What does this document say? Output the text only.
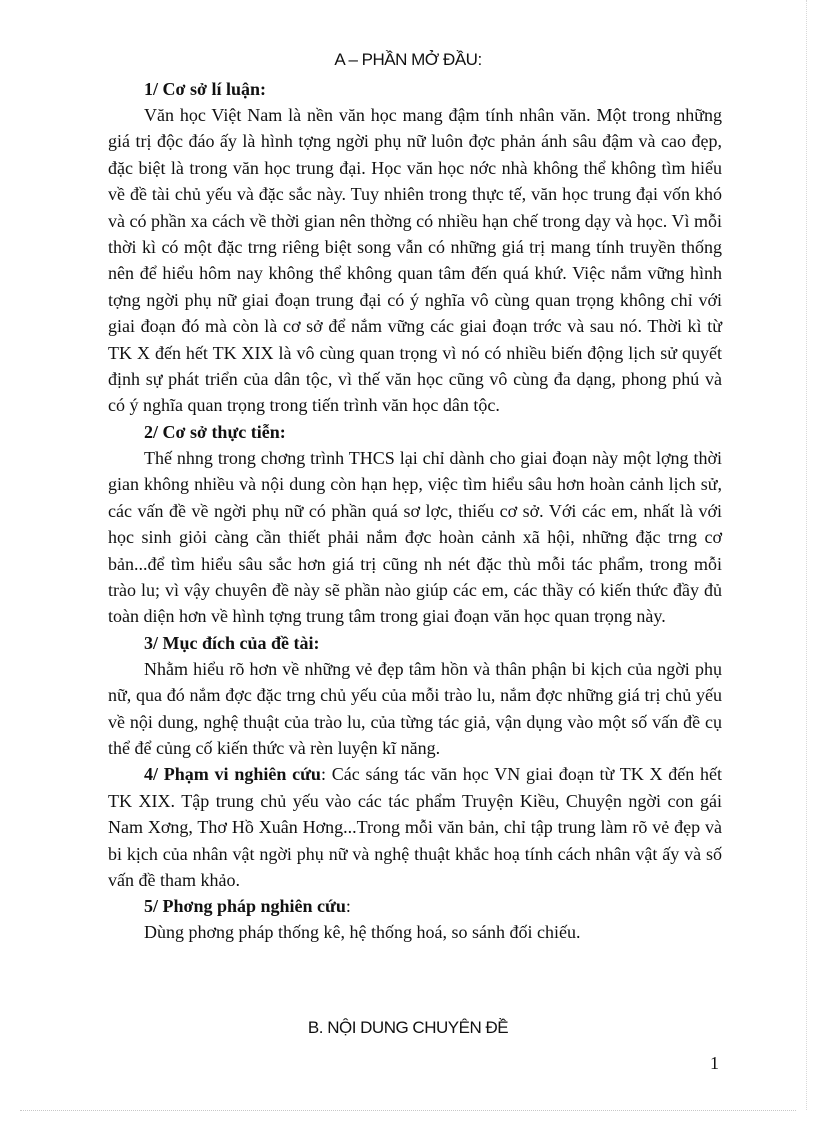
A – PHẦN MỞ ĐẦU:
1/ Cơ sở lí luận:
Văn học Việt Nam là nền văn học mang đậm tính nhân văn. Một trong những giá trị độc đáo ấy là hình tợng ngời phụ nữ luôn đợc phản ánh sâu đậm và cao đẹp, đặc biệt là trong văn học trung đại. Học văn học nớc nhà không thể không tìm hiểu về đề tài chủ yếu và đặc sắc này. Tuy nhiên trong thực tế, văn học trung đại vốn khó và có phần xa cách về thời gian nên thờng có nhiều hạn chế trong dạy và học. Vì mỗi thời kì có một đặc trng riêng biệt song vẫn có những giá trị mang tính truyền thống nên để hiểu hôm nay không thể không quan tâm đến quá khứ. Việc nắm vững hình tợng ngời phụ nữ giai đoạn trung đại có ý nghĩa vô cùng quan trọng không chỉ với giai đoạn đó mà còn là cơ sở để nắm vững các giai đoạn trớc và sau nó. Thời kì từ TK X đến hết TK XIX là vô cùng quan trọng vì nó có nhiều biến động lịch sử quyết định sự phát triển của dân tộc, vì thế văn học cũng vô cùng đa dạng, phong phú và có ý nghĩa quan trọng trong tiến trình văn học dân tộc.
2/ Cơ sở thực tiễn:
Thế nhng trong chơng trình THCS lại chỉ dành cho giai đoạn này một lợng thời gian không nhiều và nội dung còn hạn hẹp, việc tìm hiểu sâu hơn hoàn cảnh lịch sử, các vấn đề về ngời phụ nữ có phần quá sơ lợc, thiếu cơ sở. Với các em, nhất là với học sinh giỏi càng cần thiết phải nắm đợc hoàn cảnh xã hội, những đặc trng cơ bản...để tìm hiểu sâu sắc hơn giá trị cũng nh nét đặc thù mỗi tác phẩm, trong mỗi trào lu; vì vậy chuyên đề này sẽ phần nào giúp các em, các thầy có kiến thức đầy đủ toàn diện hơn về hình tợng trung tâm trong giai đoạn văn học quan trọng này.
3/ Mục đích của đề tài:
Nhằm hiểu rõ hơn về những vẻ đẹp tâm hồn và thân phận bi kịch của ngời phụ nữ, qua đó nắm đợc đặc trng chủ yếu của mỗi trào lu, nắm đợc những giá trị chủ yếu về nội dung, nghệ thuật của trào lu, của từng tác giả, vận dụng vào một số vấn đề cụ thể để củng cố kiến thức và rèn luyện kĩ năng.
4/ Phạm vi nghiên cứu: Các sáng tác văn học VN giai đoạn từ TK X đến hết TK XIX. Tập trung chủ yếu vào các tác phẩm Truyện Kiều, Chuyện ngời con gái Nam Xơng, Thơ Hồ Xuân Hơng...Trong mỗi văn bản, chỉ tập trung làm rõ vẻ đẹp và bi kịch của nhân vật ngời phụ nữ và nghệ thuật khắc hoạ tính cách nhân vật ấy và số vấn đề tham khảo.
5/ Phơng pháp nghiên cứu:
Dùng phơng pháp thống kê, hệ thống hoá, so sánh đối chiếu.
B. NỘI DUNG CHUYÊN ĐỀ
1
